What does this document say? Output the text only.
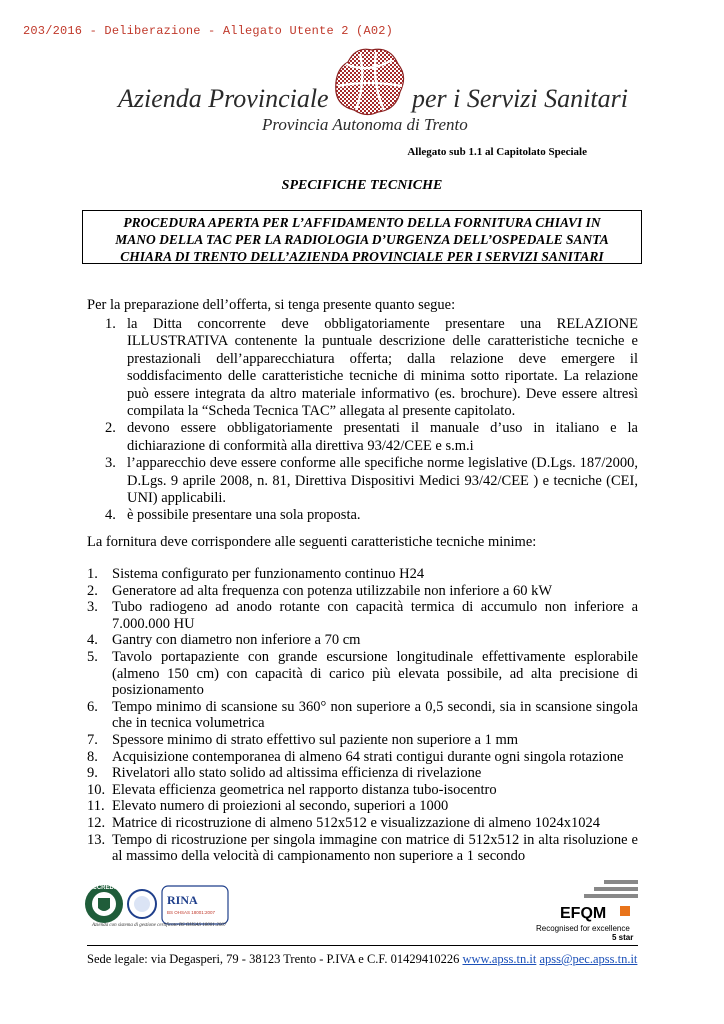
203/2016 - Deliberazione - Allegato Utente 2 (A02)
Azienda Provinciale	per i Servizi Sanitari
Provincia Autonoma di Trento
Allegato sub 1.1 al Capitolato Speciale
SPECIFICHE TECNICHE
PROCEDURA APERTA PER L’AFFIDAMENTO DELLA FORNITURA CHIAVI IN
MANO DELLA TAC PER LA RADIOLOGIA D’URGENZA DELL’OSPEDALE SANTA
CHIARA DI TRENTO DELL’AZIENDA PROVINCIALE PER I SERVIZI SANITARI
Per la preparazione dell’offerta, si tenga presente quanto segue:
1. la Ditta concorrente deve obbligatoriamente presentare una RELAZIONE ILLUSTRATIVA contenente la puntuale descrizione delle caratteristiche tecniche e prestazionali dell’apparecchiatura offerta; dalla relazione deve emergere il soddisfacimento delle caratteristiche tecniche di minima sotto riportate. La relazione può essere integrata da altro materiale informativo (es. brochure). Deve essere altresì compilata la “Scheda Tecnica TAC” allegata al presente capitolato.
2. devono essere obbligatoriamente presentati il manuale d’uso in italiano e la dichiarazione di conformità alla direttiva 93/42/CEE e s.m.i
3. l’apparecchio deve essere conforme alle specifiche norme legislative (D.Lgs. 187/2000, D.Lgs. 9 aprile 2008, n. 81, Direttiva Dispositivi Medici 93/42/CEE ) e tecniche (CEI, UNI) applicabili.
4. è possibile presentare una sola proposta.
La fornitura deve corrispondere alle seguenti caratteristiche tecniche minime:
1. Sistema configurato per funzionamento continuo H24
2. Generatore ad alta frequenza con potenza utilizzabile non inferiore a 60 kW
3. Tubo radiogeno ad anodo rotante con capacità termica di accumulo non inferiore a 7.000.000 HU
4. Gantry con diametro non inferiore a 70 cm
5. Tavolo portapaziente con grande escursione longitudinale effettivamente esplorabile (almeno 150 cm) con capacità di carico più elevata possibile, ad alta precisione di posizionamento
6. Tempo minimo di scansione su 360° non superiore a 0,5 secondi, sia in scansione singola che in tecnica volumetrica
7. Spessore minimo di strato effettivo sul paziente non superiore a 1 mm
8. Acquisizione contemporanea di almeno 64 strati contigui durante ogni singola rotazione
9. Rivelatori allo stato solido ad altissima efficienza di rivelazione
10. Elevata efficienza geometrica nel rapporto distanza tubo-isocentro
11. Elevato numero di proiezioni al secondo, superiori a 1000
12. Matrice di ricostruzione di almeno 512x512 e visualizzazione di almeno 1024x1024
13. Tempo di ricostruzione per singola immagine con matrice di 512x512 in alta risoluzione e al massimo della velocità di campionamento non superiore a 1 secondo
ACCREDIA
RINA
BS OHSAS 18001:2007
Azienda con sistema di gestione certificato BS OHSAS 18001:2007
EFQM
Recognised for excellence
5 star
Sede legale: via Degasperi, 79 - 38123 Trento - P.IVA e C.F. 01429410226 www.apss.tn.it apss@pec.apss.tn.it
